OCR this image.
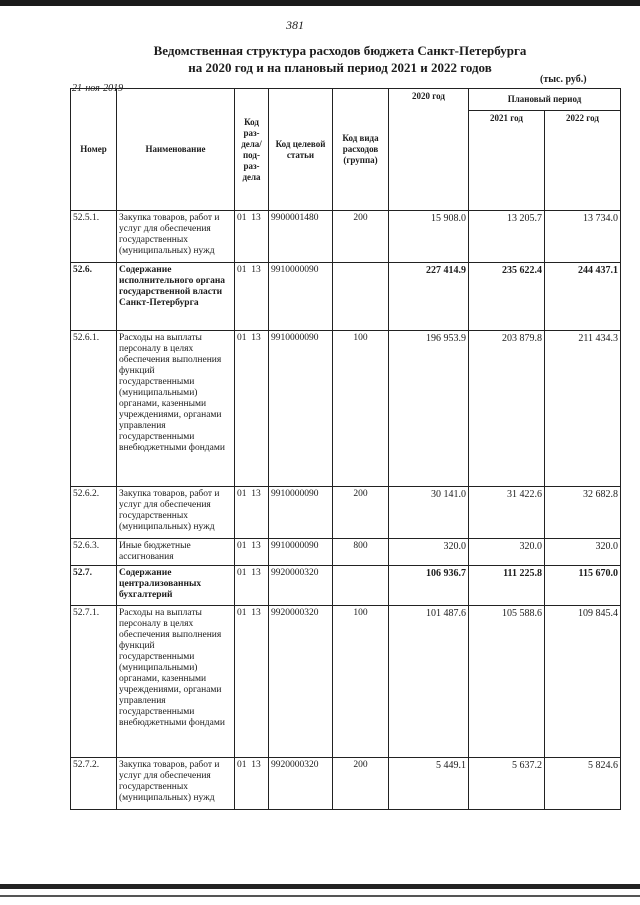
381
Ведомственная структура расходов бюджета Санкт-Петербурга
на 2020 год и на плановый период 2021 и 2022 годов
21-ноя-2019
(тыс. руб.)
Номер	Наименование	Код раз- дела/ под- раз- дела	Код целевой статьи	Код вида расходов (группа)	2020 год	Плановый период	
						2021 год	2022 год
52.5.1.	Закупка товаров, работ и услуг для обеспечения государственных (муниципальных) нужд	01 13	9900001480	200	15 908.0	13 205.7	13 734.0
52.6.	Содержание исполнительного органа государственной власти Санкт-Петербурга	01 13	9910000090		227 414.9	235 622.4	244 437.1
52.6.1.	Расходы на выплаты персоналу в целях обеспечения выполнения функций государственными (муниципальными) органами, казенными учреждениями, органами управления государственными внебюджетными фондами	01 13	9910000090	100	196 953.9	203 879.8	211 434.3
52.6.2.	Закупка товаров, работ и услуг для обеспечения государственных (муниципальных) нужд	01 13	9910000090	200	30 141.0	31 422.6	32 682.8
52.6.3.	Иные бюджетные ассигнования	01 13	9910000090	800	320.0	320.0	320.0
52.7.	Содержание централизованных бухгалтерий	01 13	9920000320		106 936.7	111 225.8	115 670.0
52.7.1.	Расходы на выплаты персоналу в целях обеспечения выполнения функций государственными (муниципальными) органами, казенными учреждениями, органами управления государственными внебюджетными фондами	01 13	9920000320	100	101 487.6	105 588.6	109 845.4
52.7.2.	Закупка товаров, работ и услуг для обеспечения государственных (муниципальных) нужд	01 13	9920000320	200	5 449.1	5 637.2	5 824.6
